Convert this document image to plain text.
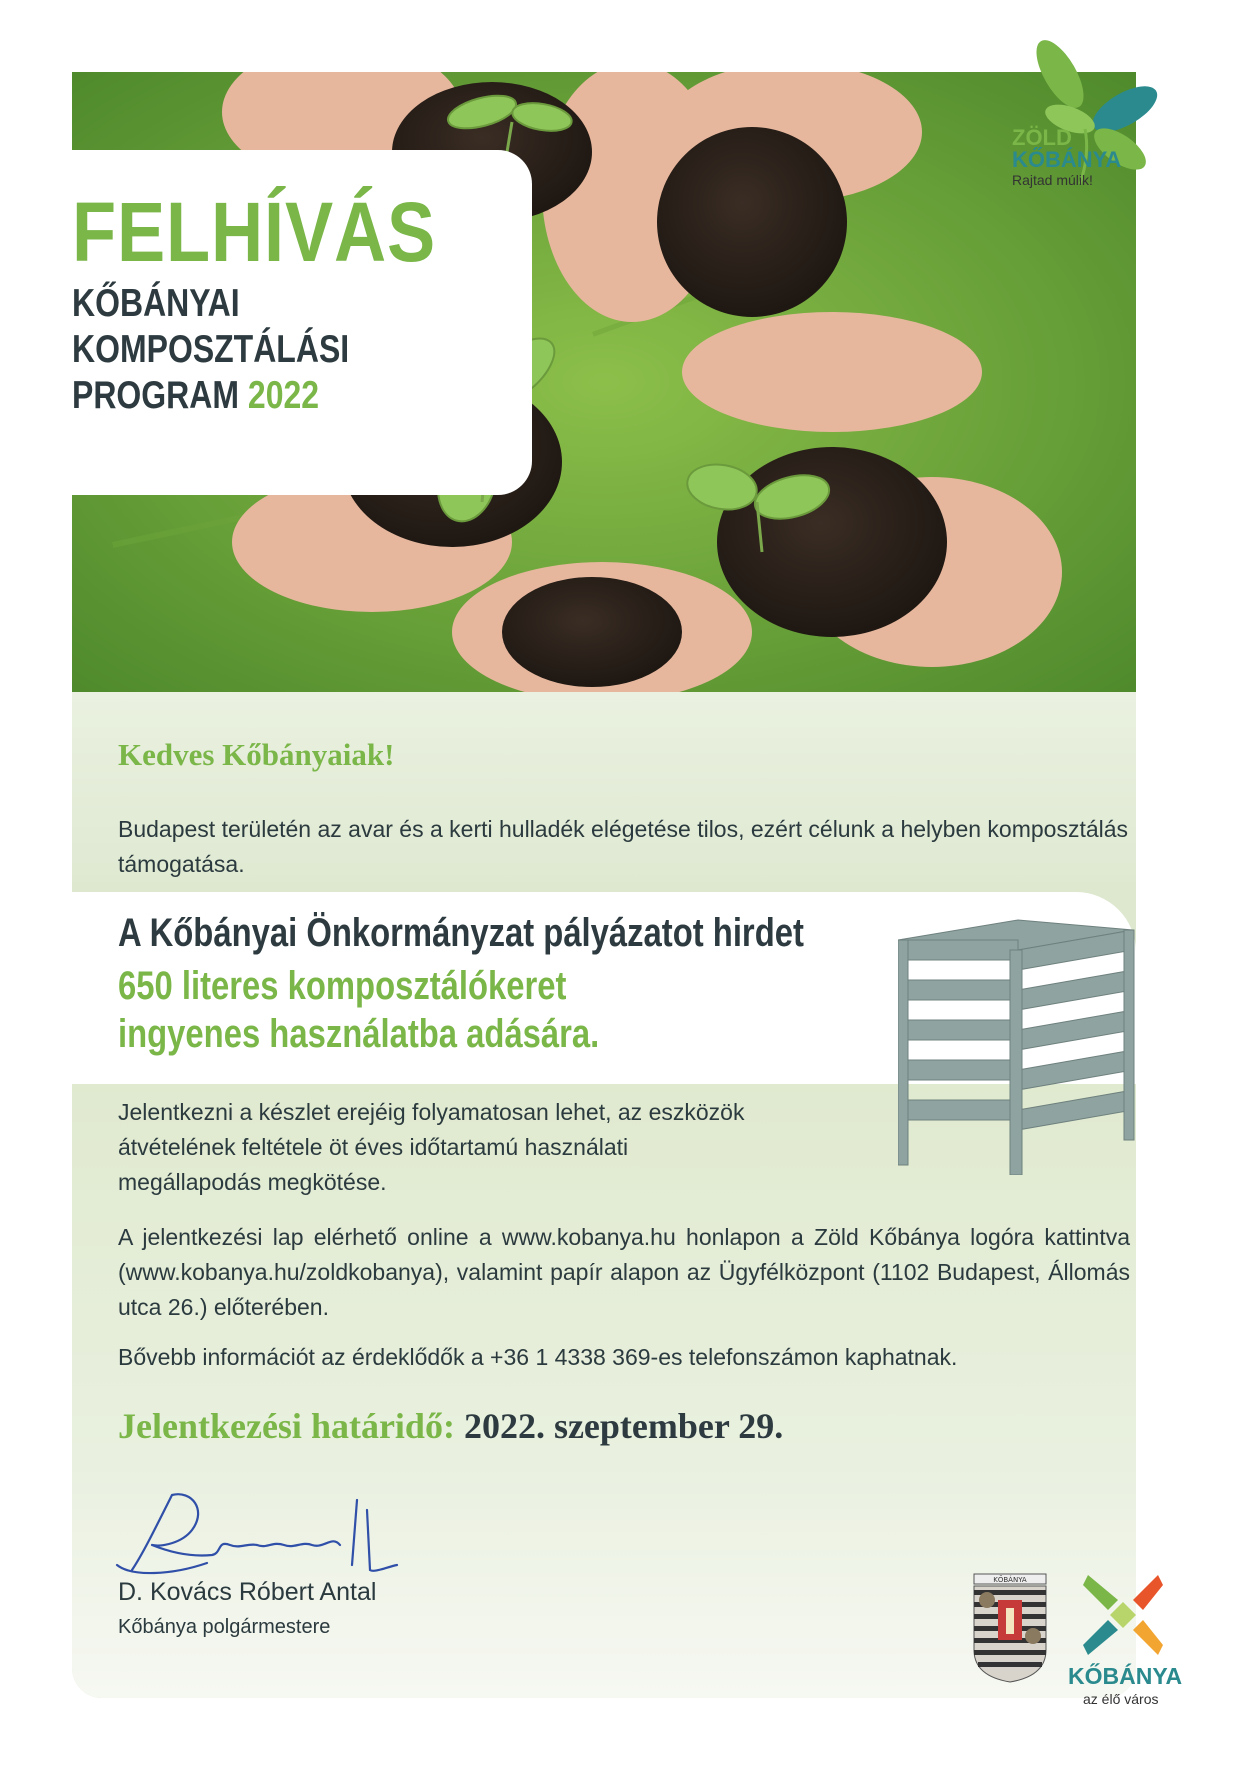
FELHÍVÁS
KŐBÁNYAI
KOMPOSZTÁLÁSI
PROGRAM 2022
ZÖLD
KŐBÁNYA
Rajtad múlik!
Kedves Kőbányaiak!
Budapest területén az avar és a kerti hulladék elégetése tilos, ezért célunk a helyben komposztálás támogatása.
A Kőbányai Önkormányzat pályázatot hirdet
650 literes komposztálókeret
ingyenes használatba adására.
Jelentkezni a készlet erejéig folyamatosan lehet, az eszközök átvételének feltétele öt éves időtartamú használati megállapodás megkötése.
A jelentkezési lap elérhető online a www.kobanya.hu honlapon a Zöld Kőbánya logóra kattintva (www.kobanya.hu/zoldkobanya), valamint papír alapon az Ügyfélközpont (1102 Budapest, Állomás utca 26.) előterében.
Bővebb információt az érdeklődők a +36 1 4338 369-es telefonszámon kaphatnak.
Jelentkezési határidő: 2022. szeptember 29.
D. Kovács Róbert Antal
Kőbánya polgármestere
KŐBÁNYA
KŐBÁNYA
az élő város
